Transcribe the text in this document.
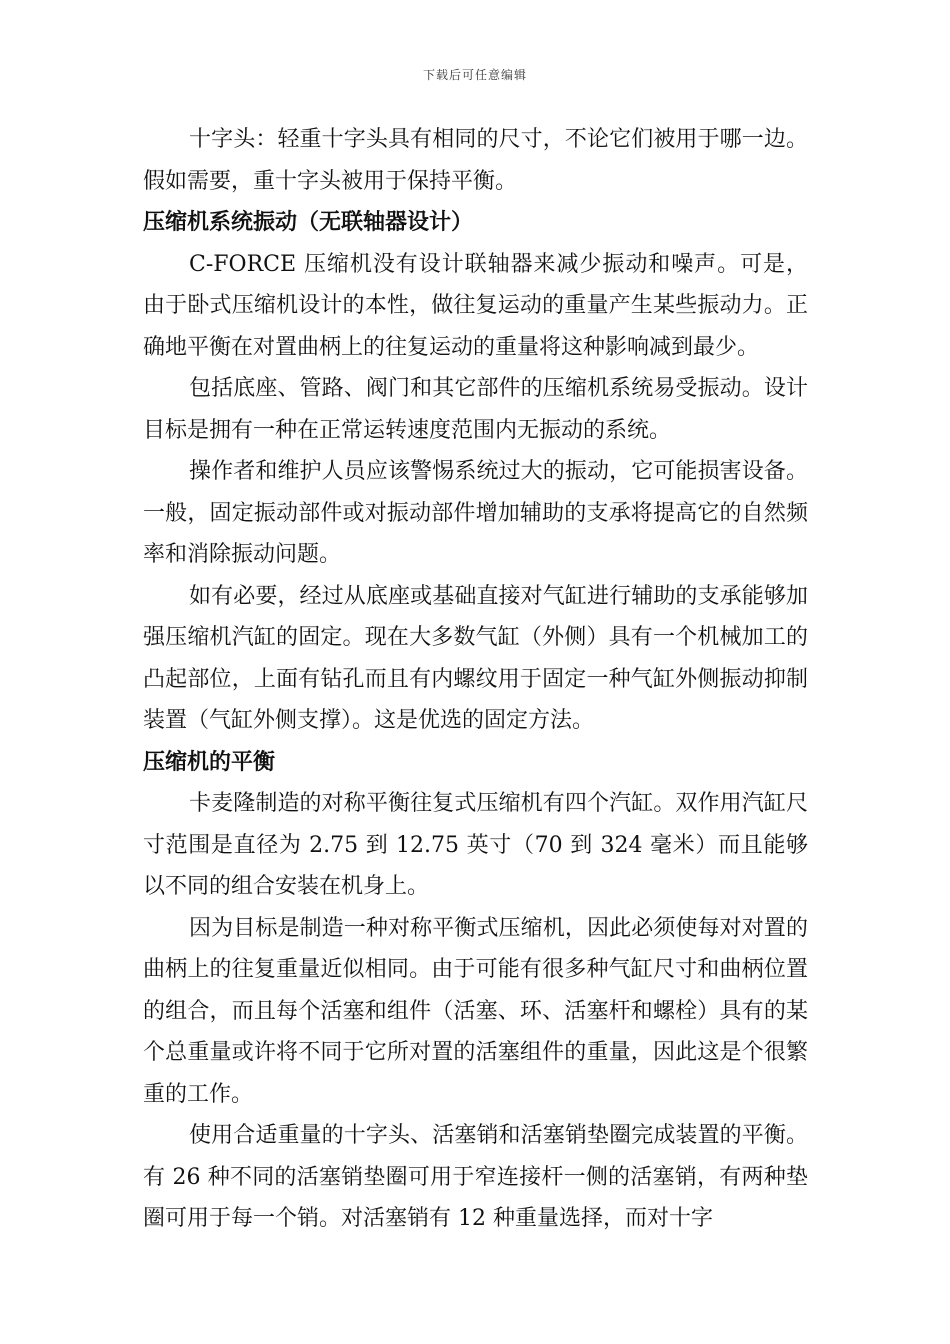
下载后可任意编辑

十字头：轻重十字头具有相同的尺寸，不论它们被用于哪一边。假如需要，重十字头被用于保持平衡。

压缩机系统振动（无联轴器设计）

C-FORCE 压缩机没有设计联轴器来减少振动和噪声。可是，由于卧式压缩机设计的本性，做往复运动的重量产生某些振动力。正确地平衡在对置曲柄上的往复运动的重量将这种影响减到最少。

包括底座、管路、阀门和其它部件的压缩机系统易受振动。设计目标是拥有一种在正常运转速度范围内无振动的系统。

操作者和维护人员应该警惕系统过大的振动，它可能损害设备。一般，固定振动部件或对振动部件增加辅助的支承将提高它的自然频率和消除振动问题。

如有必要，经过从底座或基础直接对气缸进行辅助的支承能够加强压缩机汽缸的固定。现在大多数气缸（外侧）具有一个机械加工的凸起部位，上面有钻孔而且有内螺纹用于固定一种气缸外侧振动抑制装置（气缸外侧支撑）。这是优选的固定方法。

压缩机的平衡

卡麦隆制造的对称平衡往复式压缩机有四个汽缸。双作用汽缸尺寸范围是直径为 2.75 到 12.75 英寸（70 到 324 毫米）而且能够以不同的组合安装在机身上。

因为目标是制造一种对称平衡式压缩机，因此必须使每对对置的曲柄上的往复重量近似相同。由于可能有很多种气缸尺寸和曲柄位置的组合，而且每个活塞和组件（活塞、环、活塞杆和螺栓）具有的某个总重量或许将不同于它所对置的活塞组件的重量，因此这是个很繁重的工作。

使用合适重量的十字头、活塞销和活塞销垫圈完成装置的平衡。有 26 种不同的活塞销垫圈可用于窄连接杆一侧的活塞销，有两种垫圈可用于每一个销。对活塞销有 12 种重量选择，而对十字
